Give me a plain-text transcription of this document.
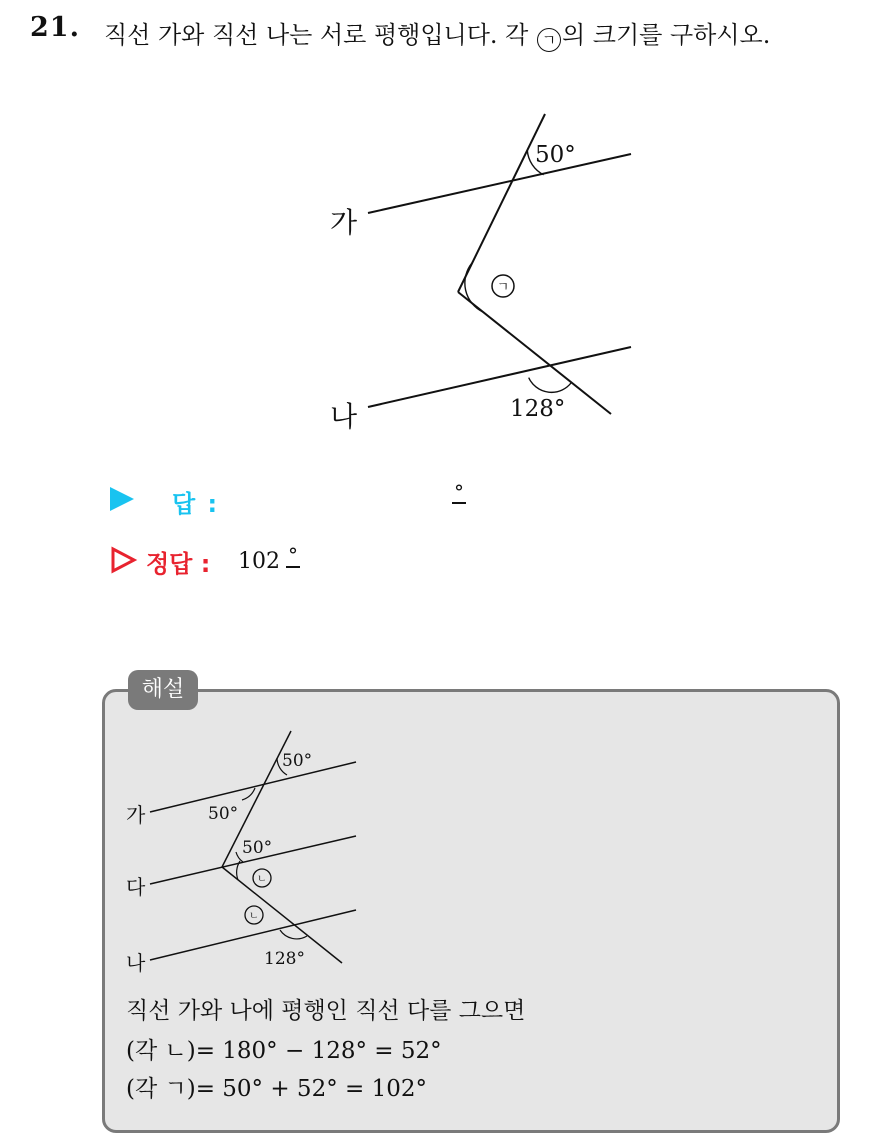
21. 직선 가와 직선 나는 서로 평행입니다. 각 ㄱ 의 크기를 구하시오.
가
나
50°
128°
ㄱ
답 :	°
정답 : 102 °
해설
가
다
나
50°
50°
50°
128°
ㄴ
ㄴ
직선 가와 나에 평행인 직선 다를 그으면
(각 ㄴ)= 180° − 128° = 52°
(각 ㄱ)= 50° + 52° = 102°
